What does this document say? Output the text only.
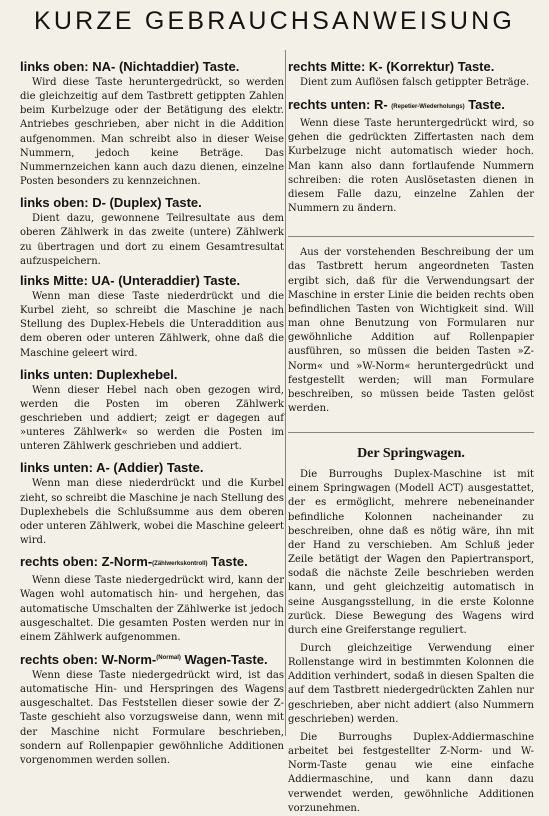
KURZE GEBRAUCHSANWEISUNG

links oben: NA- (Nichtaddier) Taste.

Wird diese Taste heruntergedrückt, so werden die gleichzeitig auf dem Tastbrett getippten Zahlen beim Kurbelzuge oder der Betätigung des elektr. Antriebes geschrieben, aber nicht in die Addition aufgenommen. Man schreibt also in dieser Weise Nummern, jedoch keine Beträge. Das Nummernzeichen kann auch dazu dienen, einzelne Posten besonders zu kennzeichnen.

links oben: D- (Duplex) Taste.

Dient dazu, gewonnene Teilresultate aus dem oberen Zählwerk in das zweite (untere) Zählwerk zu übertragen und dort zu einem Gesamtresultat aufzuspeichern.

links Mitte: UA- (Unteraddier) Taste.

Wenn man diese Taste niederdrückt und die Kurbel zieht, so schreibt die Maschine je nach Stellung des Duplex-Hebels die Unteraddition aus dem oberen oder unteren Zählwerk, ohne daß die Maschine geleert wird.

links unten: Duplexhebel.

Wenn dieser Hebel nach oben gezogen wird, werden die Posten im oberen Zählwerk geschrieben und addiert; zeigt er dagegen auf »unteres Zählwerk« so werden die Posten im unteren Zählwerk geschrieben und addiert.

links unten: A- (Addier) Taste.

Wenn man diese niederdrückt und die Kurbel zieht, so schreibt die Maschine je nach Stellung des Duplexhebels die Schlußsumme aus dem oberen oder unteren Zählwerk, wobei die Maschine geleert wird.

rechts oben: Z-Norm-(Zählwerkskontroll) Taste.

Wenn diese Taste niedergedrückt wird, kann der Wagen wohl automatisch hin- und hergehen, das automatische Umschalten der Zählwerke ist jedoch ausgeschaltet. Die gesamten Posten werden nur in einem Zählwerk aufgenommen.

rechts oben: W-Norm-$^{(Normal)}$ Wagen-Taste.

Wenn diese Taste niedergedrückt wird, ist das automatische Hin- und Herspringen des Wagens ausgeschaltet. Das Feststellen dieser sowie der Z-Taste geschieht also vorzugsweise dann, wenn mit der Maschine nicht Formulare beschrieben, sondern auf Rollenpapier gewöhnliche Additionen vorgenommen werden sollen.

rechts Mitte: K- (Korrektur) Taste.

Dient zum Auflösen falsch getippter Beträge.

rechts unten: R- (Repetier-Wiederholungs) Taste.

Wenn diese Taste heruntergedrückt wird, so gehen die gedrückten Ziffertasten nach dem Kurbelzuge nicht automatisch wieder hoch. Man kann also dann fortlaufende Nummern schreiben: die roten Auslösetasten dienen in diesem Falle dazu, einzelne Zahlen der Nummern zu ändern.

Aus der vorstehenden Beschreibung der um das Tastbrett herum angeordneten Tasten ergibt sich, daß für die Verwendungsart der Maschine in erster Linie die beiden rechts oben befindlichen Tasten von Wichtigkeit sind. Will man ohne Benutzung von Formularen nur gewöhnliche Addition auf Rollenpapier ausführen, so müssen die beiden Tasten »Z-Norm« und »W-Norm« heruntergedrückt und festgestellt werden; will man Formulare beschreiben, so müssen beide Tasten gelöst werden.

Der Springwagen.

Die Burroughs Duplex-Maschine ist mit einem Springwagen (Modell ACT) ausgestattet, der es ermöglicht, mehrere nebeneinander befindliche Kolonnen nacheinander zu beschreiben, ohne daß es nötig wäre, ihn mit der Hand zu verschieben. Am Schluß jeder Zeile betätigt der Wagen den Papiertransport, sodaß die nächste Zeile beschrieben werden kann, und geht gleichzeitig automatisch in seine Ausgangsstellung, in die erste Kolonne zurück. Diese Bewegung des Wagens wird durch eine Greiferstange reguliert.

Durch gleichzeitige Verwendung einer Rollenstange wird in bestimmten Kolonnen die Addition verhindert, sodaß in diesen Spalten die auf dem Tastbrett niedergedrückten Zahlen nur geschrieben, aber nicht addiert (also Nummern geschrieben) werden.

Die Burroughs Duplex-Addiermaschine arbeitet bei festgestellter Z-Norm- und W-Norm-Taste genau wie eine einfache Addiermaschine, und kann dann dazu verwendet werden, gewöhnliche Additionen vorzunehmen.
